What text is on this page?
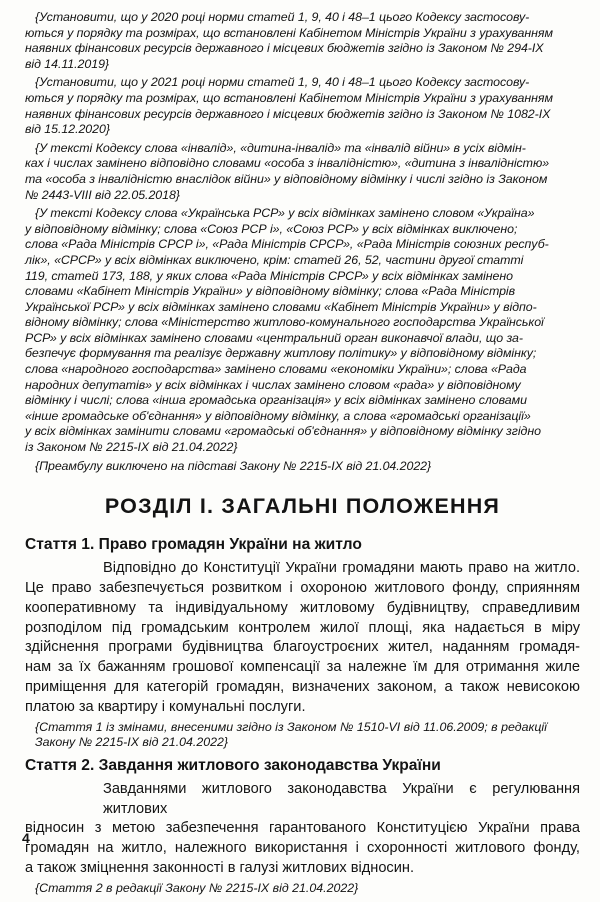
{Установити, що у 2020 році норми статей 1, 9, 40 і 48–1 цього Кодексу застосову-
ються у порядку та розмірах, що встановлені Кабінетом Міністрів України з урахуванням
наявних фінансових ресурсів державного і місцевих бюджетів згідно із Законом № 294-IX
від 14.11.2019}
{Установити, що у 2021 році норми статей 1, 9, 40 і 48–1 цього Кодексу застосову-
ються у порядку та розмірах, що встановлені Кабінетом Міністрів України з урахуванням
наявних фінансових ресурсів державного і місцевих бюджетів згідно із Законом № 1082-IX
від 15.12.2020}
{У тексті Кодексу слова «інвалід», «дитина-інвалід» та «інвалід війни» в усіх відмін-
ках і числах замінено відповідно словами «особа з інвалідністю», «дитина з інвалідністю»
та «особа з інвалідністю внаслідок війни» у відповідному відмінку і числі згідно із Законом
№ 2443-VIII від 22.05.2018}
{У тексті Кодексу слова «Українська РСР» у всіх відмінках замінено словом «Україна»
у відповідному відмінку; слова «Союз РСР і», «Союз РСР» у всіх відмінках виключено;
слова «Рада Міністрів СРСР і», «Рада Міністрів СРСР», «Рада Міністрів союзних респуб-
лік», «СРСР» у всіх відмінках виключено, крім: статей 26, 52, частини другої статті
119, статей 173, 188, у яких слова «Рада Міністрів СРСР» у всіх відмінках замінено
словами «Кабінет Міністрів України» у відповідному відмінку; слова «Рада Міністрів
Української РСР» у всіх відмінках замінено словами «Кабінет Міністрів України» у відпо-
відному відмінку; слова «Міністерство житлово-комунального господарства Української
РСР» у всіх відмінках замінено словами «центральний орган виконавчої влади, що за-
безпечує формування та реалізує державну житлову політику» у відповідному відмінку;
слова «народного господарства» замінено словами «економіки України»; слова «Рада
народних депутатів» у всіх відмінках і числах замінено словом «рада» у відповідному
відмінку і числі; слова «інша громадська організація» у всіх відмінках замінено словами
«інше громадське об'єднання» у відповідному відмінку, а слова «громадські організації»
у всіх відмінках замінити словами «громадські об'єднання» у відповідному відмінку згідно
із Законом № 2215-IX від 21.04.2022}
{Преамбулу виключено на підставі Закону № 2215-IX від 21.04.2022}
РОЗДІЛ I. ЗАГАЛЬНІ ПОЛОЖЕННЯ
Стаття 1. Право громадян України на житло
Відповідно до Конституції України громадяни мають право на житло.
Це право забезпечується розвитком і охороною житлового фонду, сприянням
кооперативному та індивідуальному житловому будівництву, справедливим
розподілом під громадським контролем жилої площі, яка надається в міру
здійснення програми будівництва благоустроєних жител, наданням громадя-
нам за їх бажанням грошової компенсації за належне їм для отримання жиле
приміщення для категорій громадян, визначених законом, а також невисокою
платою за квартиру і комунальні послуги.
{Стаття 1 із змінами, внесеними згідно із Законом № 1510-VI від 11.06.2009; в редакції
Закону № 2215-IX від 21.04.2022}
Стаття 2. Завдання житлового законодавства України
Завданнями житлового законодавства України є регулювання житлових
відносин з метою забезпечення гарантованого Конституцією України права
громадян на житло, належного використання і схоронності житлового фонду,
а також зміцнення законності в галузі житлових відносин.
{Стаття 2 в редакції Закону № 2215-IX від 21.04.2022}
4
